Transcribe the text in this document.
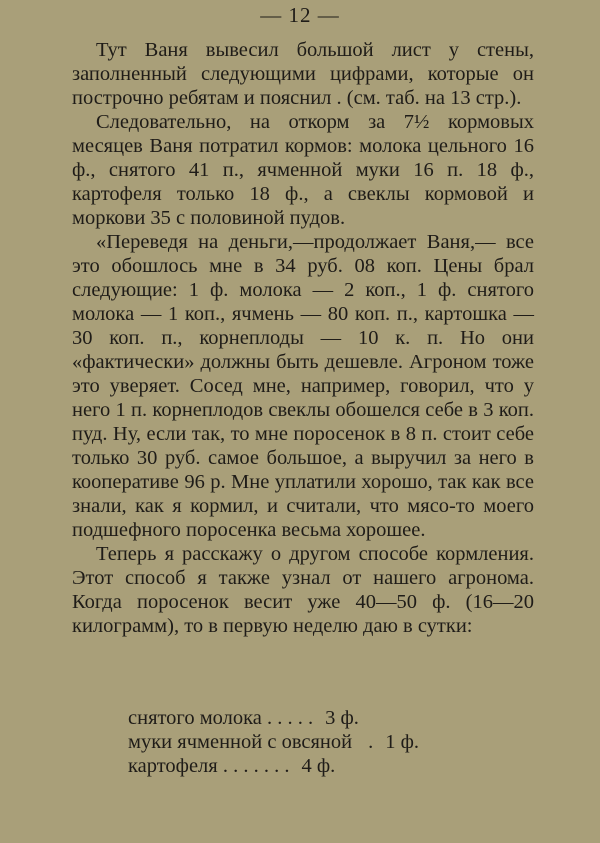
— 12 —

Тут Ваня вывесил большой лист у стены, заполненный следующими цифрами, которые он построчно ребятам и пояснил . (см. таб. на 13 стр.).

Следовательно, на откорм за 7½ кормовых месяцев Ваня потратил кормов: молока цельного 16 ф., снятого 41 п., ячменной муки 16 п. 18 ф., картофеля только 18 ф., а свеклы кормовой и моркови 35 с половиной пудов.

«Переведя на деньги,—продолжает Ваня,— все это обошлось мне в 34 руб. 08 коп. Цены брал следующие: 1 ф. молока — 2 коп., 1 ф. снятого молока — 1 коп., ячмень — 80 коп. п., картошка — 30 коп. п., корнеплоды — 10 к. п. Но они «фактически» должны быть дешевле. Агроном тоже это уверяет. Сосед мне, например, говорил, что у него 1 п. корнеплодов свеклы обошелся себе в 3 коп. пуд. Ну, если так, то мне поросенок в 8 п. стоит себе только 30 руб. самое большое, а выручил за него в кооперативе 96 р. Мне уплатили хорошо, так как все знали, как я кормил, и считали, что мясо-то моего подшефного поросенка весьма хорошее.

Теперь я расскажу о другом способе кормления. Этот способ я также узнал от нашего агронома. Когда поросенок весит уже 40—50 ф. (16—20 килограмм), то в первую неделю даю в сутки:

снятого молока
. . . . . 3 ф.
муки ячменной с овсяной . 1 ф.
картофеля
. . . . . . . 4 ф.
